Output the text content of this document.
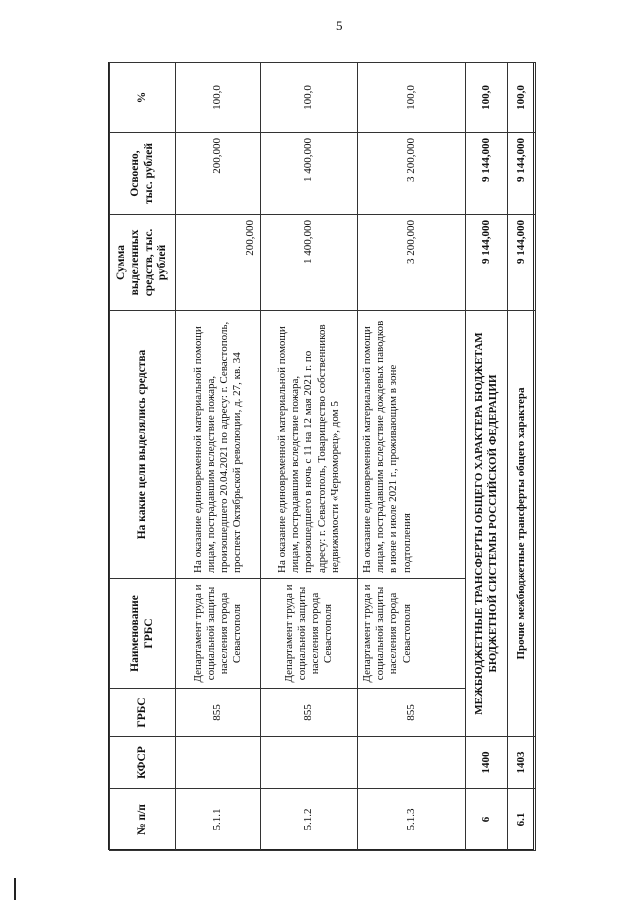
5
№ п/п	КФСР	ГРБС	Наименование ГРБС	На какие цели выделялись средства	Сумма выделенных средств, тыс. рублей	Освоено, тыс. рублей	%
5.1.1		855	Департамент труда и социальной защиты населения города Севастополя	На оказание единовременной материальной помощи лицам, пострадавшим вследствие пожара, произошедшего 20.04.2021 по адресу: г. Севастополь, проспект Октябрьской революции, д. 27, кв. 34	200,000	200,000	100,0
5.1.2		855	Департамент труда и социальной защиты населения города Севастополя	На оказание единовременной материальной помощи лицам, пострадавшим вследствие пожара, произошедшего в ночь с 11 на 12 мая 2021 г. по адресу: г. Севастополь, Товарищество собственников недвижимости «Черноморец», дом 5	1 400,000	1 400,000	100,0
5.1.3		855	Департамент труда и социальной защиты населения города Севастополя	На оказание единовременной материальной помощи лицам, пострадавшим вследствие дождевых паводков в июне и июле 2021 г., проживающим в зоне подтопления	3 200,000	3 200,000	100,0
6	1400	МЕЖБЮДЖЕТНЫЕ ТРАНСФЕРТЫ ОБЩЕГО ХАРАКТЕРА БЮДЖЕТАМ БЮДЖЕТНОЙ СИСТЕМЫ РОССИЙСКОЙ ФЕДЕРАЦИИ			9 144,000	9 144,000	100,0
6.1	1403	Прочие межбюджетные трансферты общего характера			9 144,000	9 144,000	100,0
